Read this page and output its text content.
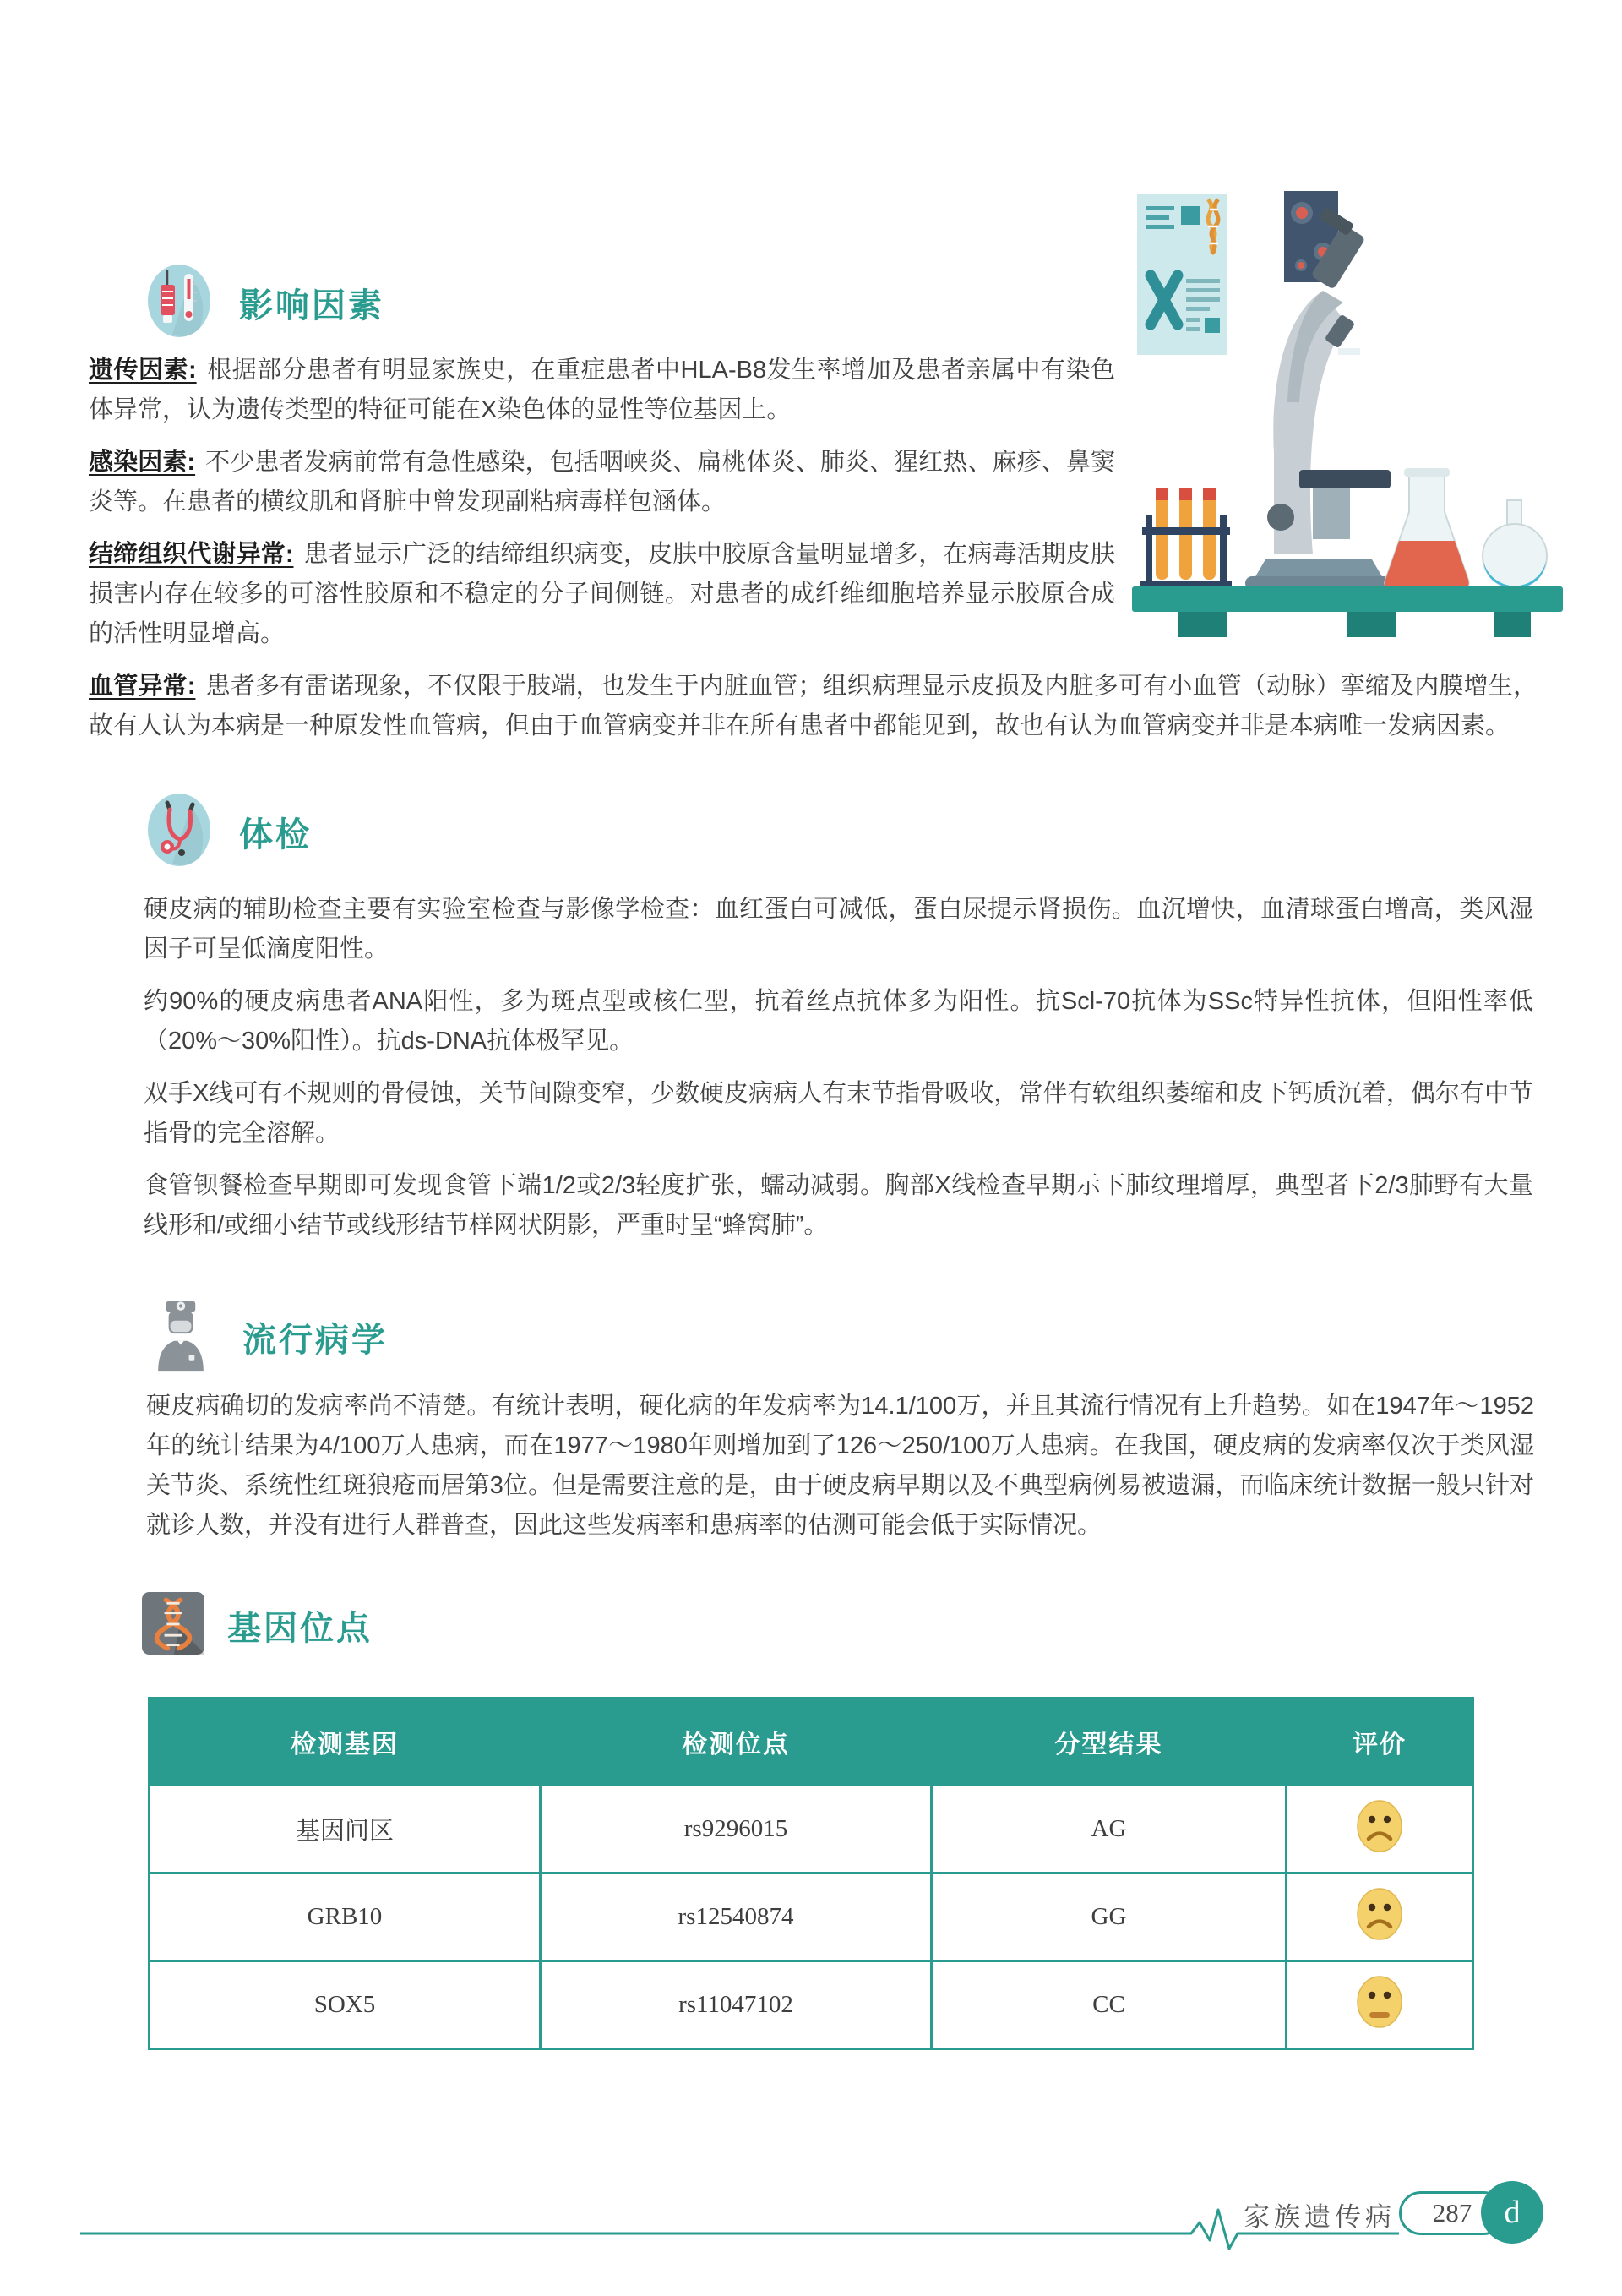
影响因素

遗传因素: 根据部分患者有明显家族史，在重症患者中HLA-B8发生率增加及患者亲属中有染色体异常，认为遗传类型的特征可能在X染色体的显性等位基因上。

感染因素: 不少患者发病前常有急性感染，包括咽峡炎、扁桃体炎、肺炎、猩红热、麻疹、鼻窦炎等。在患者的横纹肌和肾脏中曾发现副粘病毒样包涵体。

结缔组织代谢异常: 患者显示广泛的结缔组织病变，皮肤中胶原含量明显增多，在病毒活期皮肤损害内存在较多的可溶性胶原和不稳定的分子间侧链。对患者的成纤维细胞培养显示胶原合成的活性明显增高。

血管异常: 患者多有雷诺现象，不仅限于肢端，也发生于内脏血管；组织病理显示皮损及内脏多可有小血管（动脉）挛缩及内膜增生，故有人认为本病是一种原发性血管病，但由于血管病变并非在所有患者中都能见到，故也有认为血管病变并非是本病唯一发病因素。

体检

硬皮病的辅助检查主要有实验室检查与影像学检查：血红蛋白可减低，蛋白尿提示肾损伤。血沉增快，血清球蛋白增高，类风湿因子可呈低滴度阳性。

约90%的硬皮病患者ANA阳性，多为斑点型或核仁型，抗着丝点抗体多为阳性。抗Scl-70抗体为SSc特异性抗体，但阳性率低（20%～30%阳性）。抗ds-DNA抗体极罕见。

双手X线可有不规则的骨侵蚀，关节间隙变窄，少数硬皮病病人有末节指骨吸收，常伴有软组织萎缩和皮下钙质沉着，偶尔有中节指骨的完全溶解。

食管钡餐检查早期即可发现食管下端1/2或2/3轻度扩张，蠕动减弱。胸部X线检查早期示下肺纹理增厚，典型者下2/3肺野有大量线形和/或细小结节或线形结节样网状阴影，严重时呈“蜂窝肺”。

流行病学

硬皮病确切的发病率尚不清楚。有统计表明，硬化病的年发病率为14.1/100万，并且其流行情况有上升趋势。如在1947年～1952年的统计结果为4/100万人患病，而在1977～1980年则增加到了126～250/100万人患病。在我国，硬皮病的发病率仅次于类风湿关节炎、系统性红斑狼疮而居第3位。但是需要注意的是，由于硬皮病早期以及不典型病例易被遗漏，而临床统计数据一般只针对就诊人数，并没有进行人群普查，因此这些发病率和患病率的估测可能会低于实际情况。

基因位点
检测基因	检测位点	分型结果	评价
基因间区	rs9296015	AG	
GRB10	rs12540874	GG	
SOX5	rs11047102	CC	
家族遗传病	287	d
